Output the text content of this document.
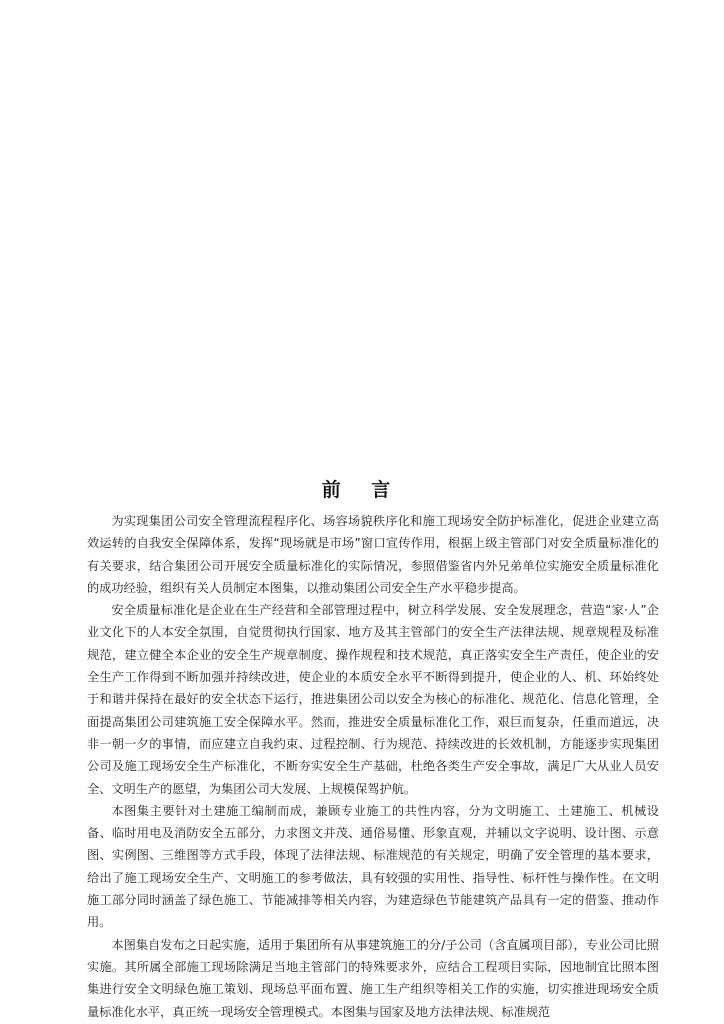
前 言

为实现集团公司安全管理流程程序化、场容场貌秩序化和施工现场安全防护标准化，促进企业建立高效运转的自我安全保障体系，发挥“现场就是市场”窗口宣传作用，根据上级主管部门对安全质量标准化的有关要求，结合集团公司开展安全质量标准化的实际情况，参照借鉴省内外兄弟单位实施安全质量标准化的成功经验，组织有关人员制定本图集，以推动集团公司安全生产水平稳步提高。

安全质量标准化是企业在生产经营和全部管理过程中，树立科学发展、安全发展理念，营造“家·人”企业文化下的人本安全氛围，自觉贯彻执行国家、地方及其主管部门的安全生产法律法规、规章规程及标准规范，建立健全本企业的安全生产规章制度、操作规程和技术规范，真正落实安全生产责任，使企业的安全生产工作得到不断加强并持续改进，使企业的本质安全水平不断得到提升，使企业的人、机、环始终处于和谐并保持在最好的安全状态下运行，推进集团公司以安全为核心的标准化、规范化、信息化管理，全面提高集团公司建筑施工安全保障水平。然而，推进安全质量标准化工作，艰巨而复杂，任重而道远，决非一朝一夕的事情，而应建立自我约束、过程控制、行为规范、持续改进的长效机制，方能逐步实现集团公司及施工现场安全生产标准化，不断夯实安全生产基础，杜绝各类生产安全事故，满足广大从业人员安全、文明生产的愿望，为集团公司大发展、上规模保驾护航。

本图集主要针对土建施工编制而成，兼顾专业施工的共性内容，分为文明施工、土建施工、机械设备、临时用电及消防安全五部分，力求图文并茂、通俗易懂、形象直观，并辅以文字说明、设计图、示意图、实例图、三维图等方式手段，体现了法律法规、标准规范的有关规定，明确了安全管理的基本要求，给出了施工现场安全生产、文明施工的参考做法，具有较强的实用性、指导性、标杆性与操作性。在文明施工部分同时涵盖了绿色施工、节能减排等相关内容，为建造绿色节能建筑产品具有一定的借鉴、推动作用。

本图集自发布之日起实施，适用于集团所有从事建筑施工的分/子公司（含直属项目部），专业公司比照实施。其所属全部施工现场除满足当地主管部门的特殊要求外，应结合工程项目实际，因地制宜比照本图集进行安全文明绿色施工策划、现场总平面布置、施工生产组织等相关工作的实施，切实推进现场安全质量标准化水平，真正统一现场安全管理模式。本图集与国家及地方法律法规、标准规范
